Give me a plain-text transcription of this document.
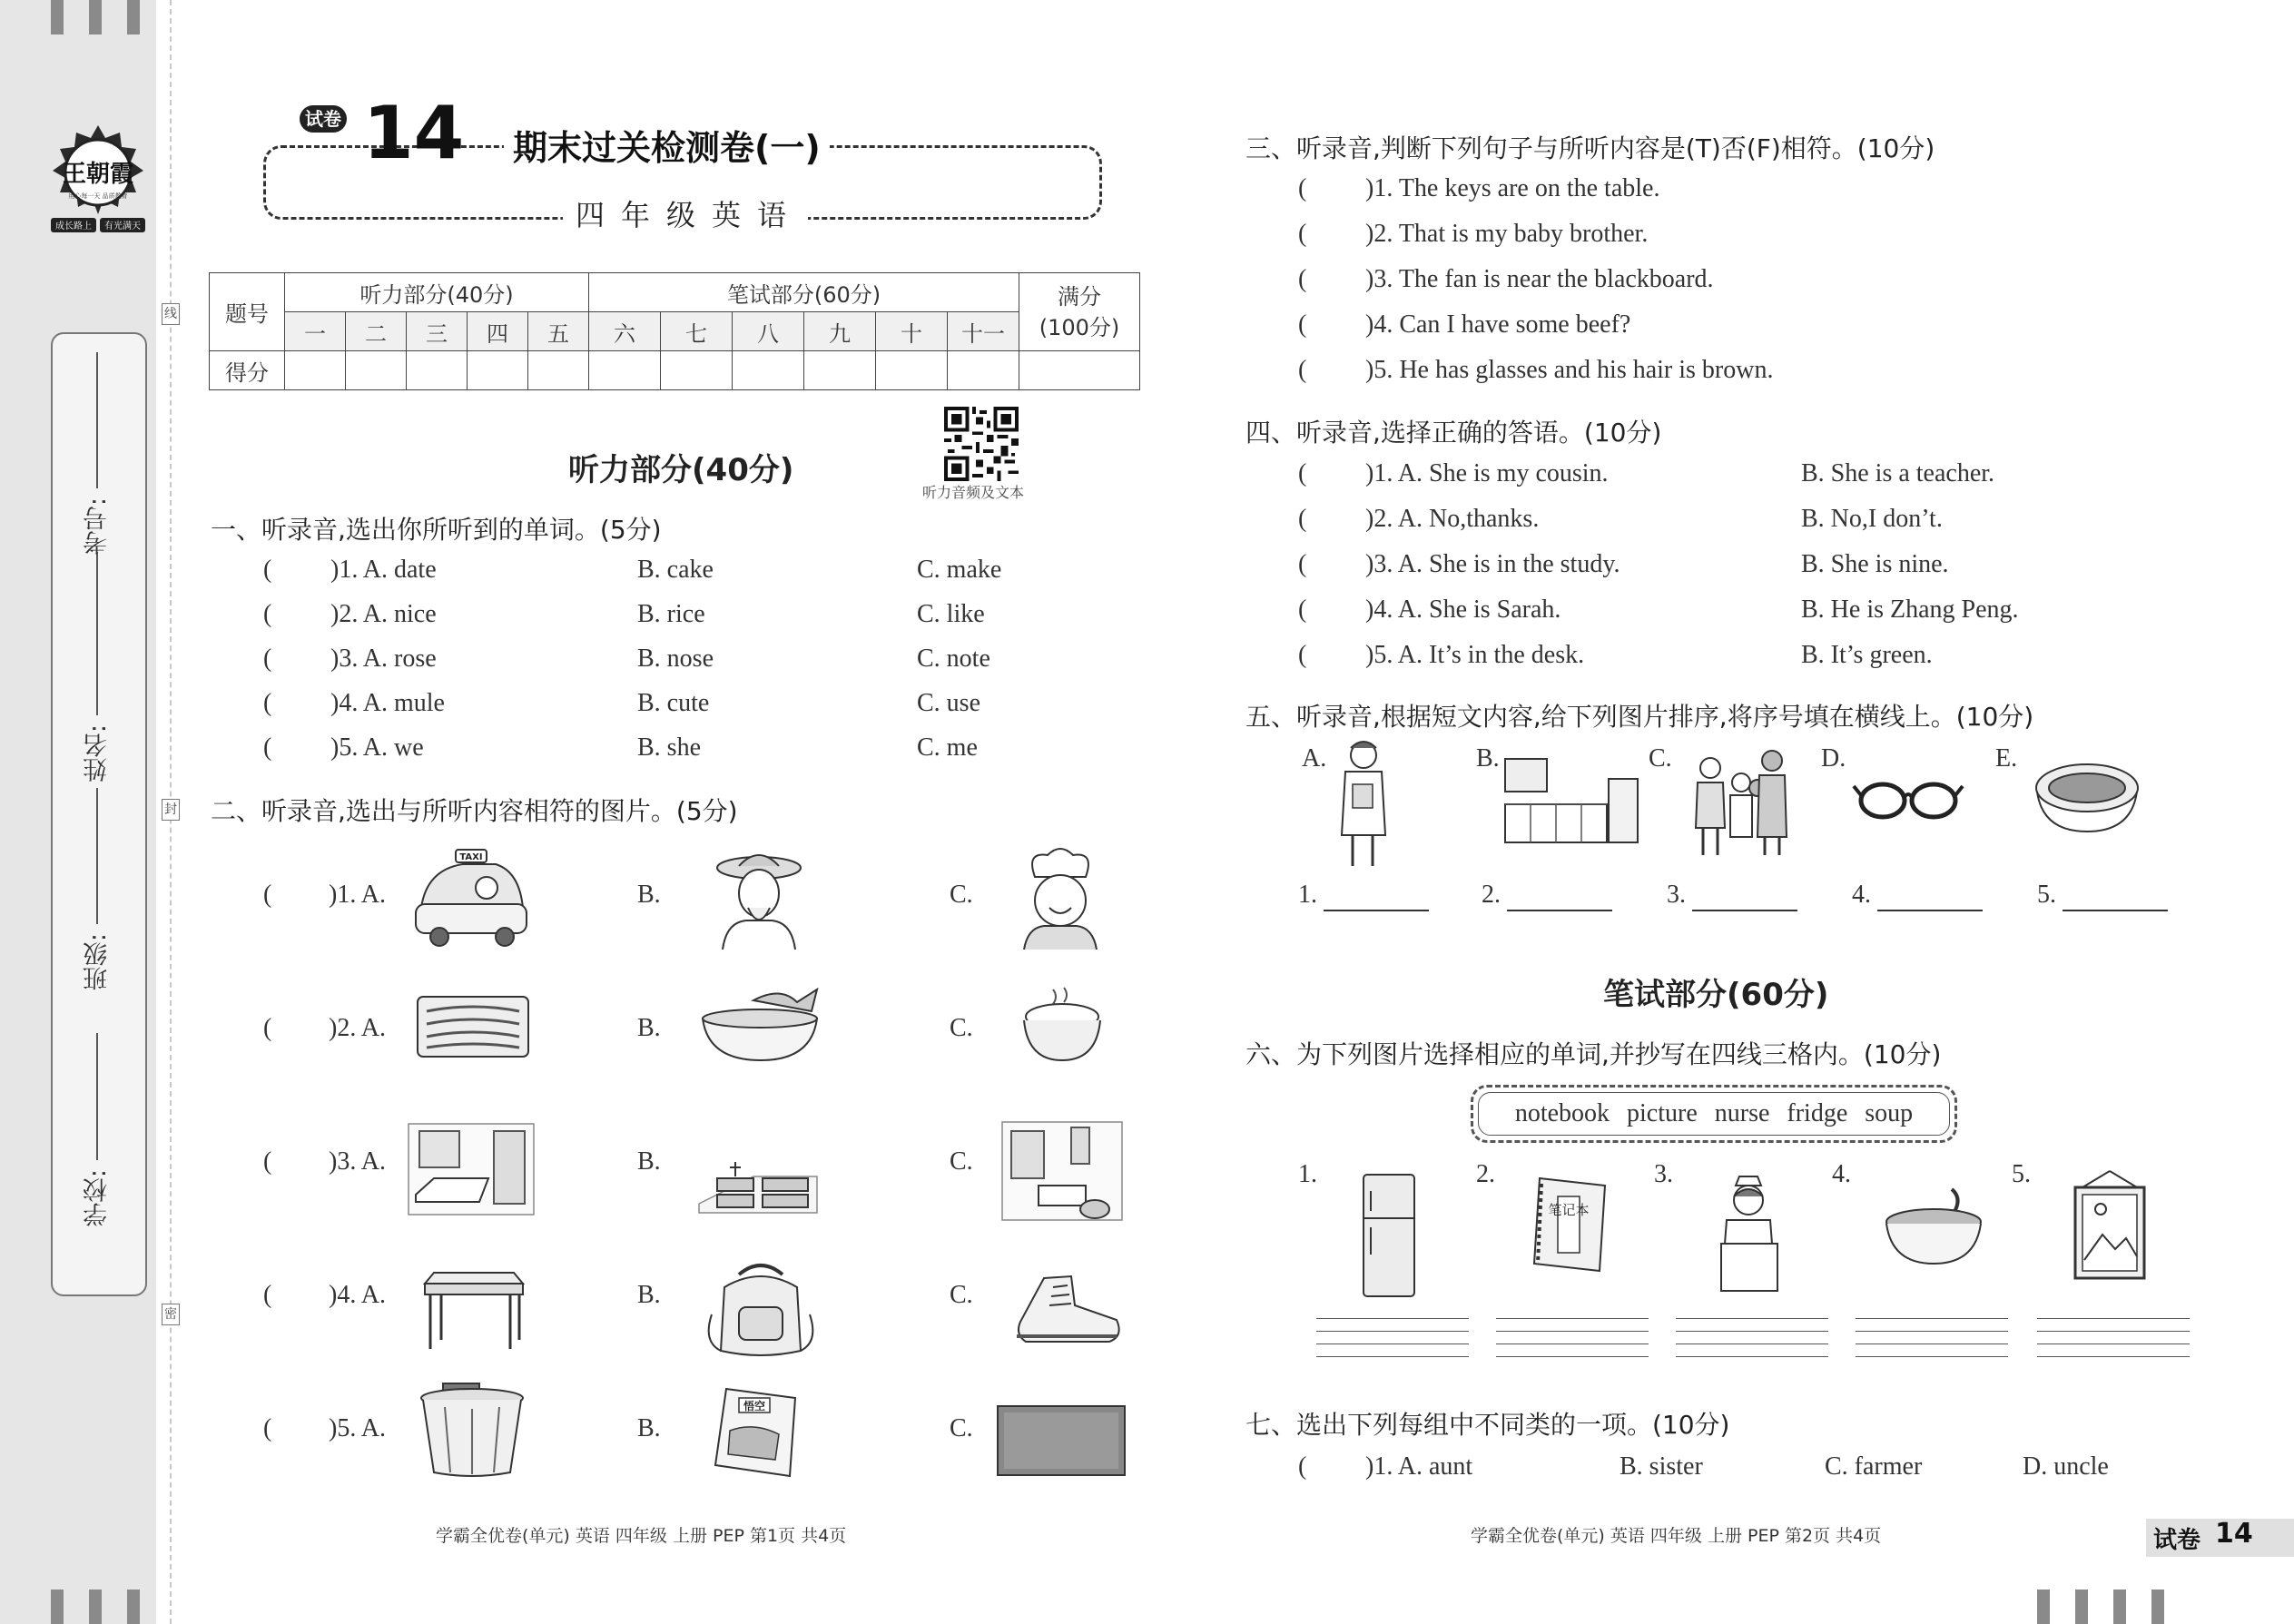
学校:
班级:
姓名:
考号:
线
封
密
王朝霞
用心每一天 品质教育
成长路上 有光满天
试卷 14 期末过关检测卷(一)
四年级英语
题号	听力部分(40分)					笔试部分(60分)						满分
(100分)
	一	二	三	四	五	六	七	八	九	十	十一	
得分												
听力音频及文本
听力部分(40分)
一、听录音,选出你所听到的单词。(5分)
( )1. A. date	B. cake	C. make
( )2. A. nice	B. rice	C. like
( )3. A. rose	B. nose	C. note
( )4. A. mule	B. cute	C. use
( )5. A. we	B. she	C. me
二、听录音,选出与所听内容相符的图片。(5分)
( )1. A.	B.	C.
( )2. A.	B.	C.
( )3. A.	B.	C.
( )4. A.	B.	C.
( )5. A.	B.	C.
TAXI
悟空
学霸全优卷(单元) 英语 四年级 上册 PEP 第1页 共4页
三、听录音,判断下列句子与所听内容是(T)否(F)相符。(10分)
( )1. The keys are on the table.
( )2. That is my baby brother.
( )3. The fan is near the blackboard.
( )4. Can I have some beef?
( )5. He has glasses and his hair is brown.
四、听录音,选择正确的答语。(10分)
( )1. A. She is my cousin.	B. She is a teacher.
( )2. A. No,thanks.	B. No,I don’t.
( )3. A. She is in the study.	B. She is nine.
( )4. A. She is Sarah.	B. He is Zhang Peng.
( )5. A. It’s in the desk.	B. It’s green.
五、听录音,根据短文内容,给下列图片排序,将序号填在横线上。(10分)
A.	B.	C.	D.	E.
1.	2.	3.	4.	5.
笔试部分(60分)
六、为下列图片选择相应的单词,并抄写在四线三格内。(10分)
notebook picture nurse fridge soup
1.	2.	3.	4.	5.
笔记本
七、选出下列每组中不同类的一项。(10分)
( )1. A. aunt	B. sister	C. farmer	D. uncle
学霸全优卷(单元) 英语 四年级 上册 PEP 第2页 共4页	试卷 14
